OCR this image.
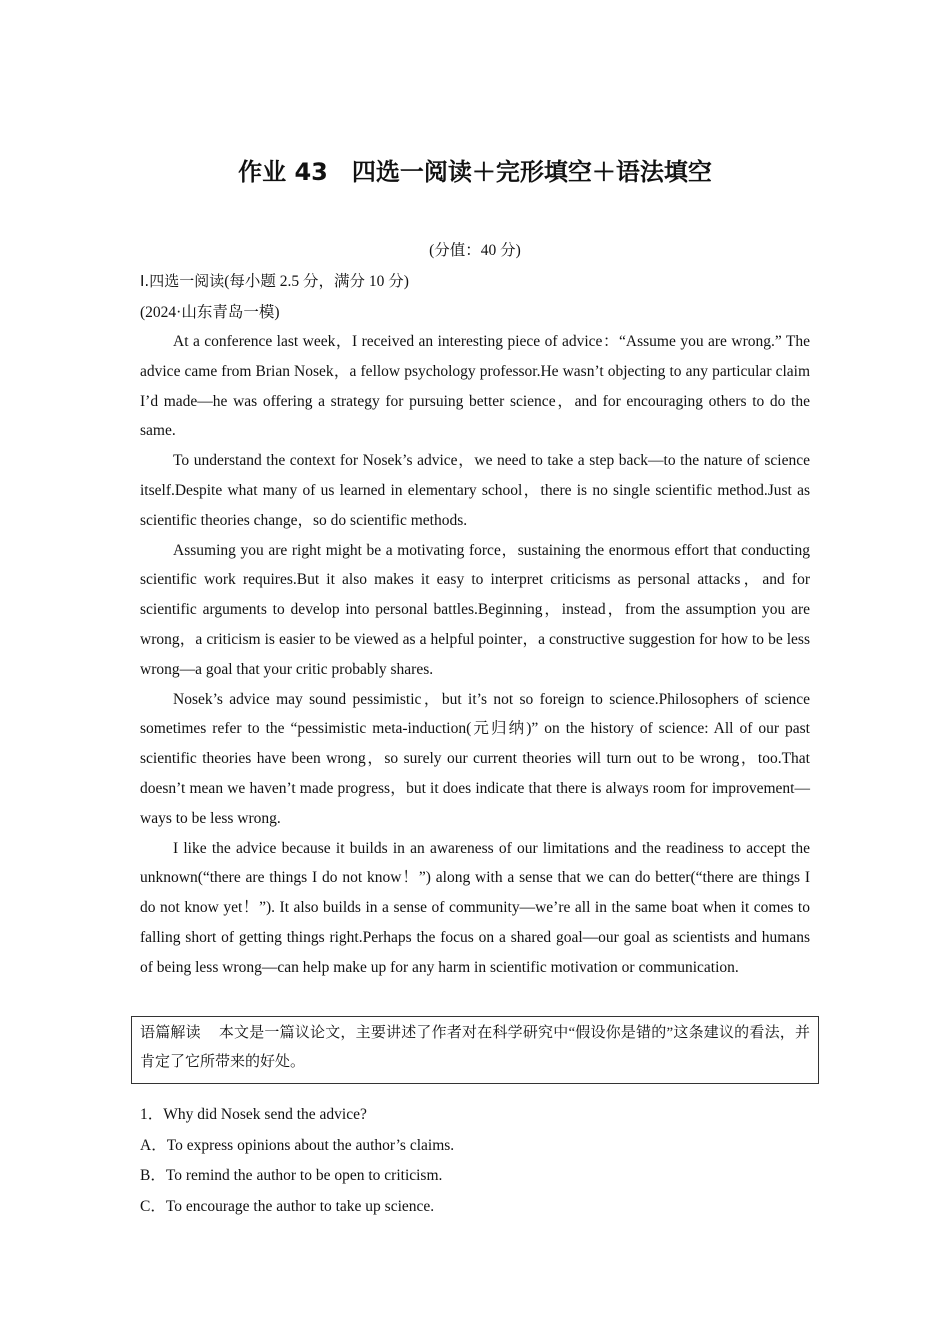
作业 43　四选一阅读＋完形填空＋语法填空
(分值：40 分)
Ⅰ.四选一阅读(每小题 2.5 分，满分 10 分)
(2024·山东青岛一模)

At a conference last week，I received an interesting piece of advice：“Assume you are wrong.” The advice came from Brian Nosek，a fellow psychology professor.He wasn’t objecting to any particular claim I’d made—he was offering a strategy for pursuing better science，and for encouraging others to do the same.

To understand the context for Nosek’s advice，we need to take a step back—to the nature of science itself.Despite what many of us learned in elementary school，there is no single scientific method.Just as scientific theories change，so do scientific methods.

Assuming you are right might be a motivating force，sustaining the enormous effort that conducting scientific work requires.But it also makes it easy to interpret criticisms as personal attacks，and for scientific arguments to develop into personal battles.Beginning，instead，from the assumption you are wrong，a criticism is easier to be viewed as a helpful pointer，a constructive suggestion for how to be less wrong—a goal that your critic probably shares.

Nosek’s advice may sound pessimistic，but it’s not so foreign to science.Philosophers of science sometimes refer to the “pessimistic meta-induction(元归纳)” on the history of science: All of our past scientific theories have been wrong，so surely our current theories will turn out to be wrong，too.That doesn’t mean we haven’t made progress，but it does indicate that there is always room for improvement—ways to be less wrong.

I like the advice because it builds in an awareness of our limitations and the readiness to accept the unknown(“there are things I do not know！”) along with a sense that we can do better(“there are things I do not know yet！”). It also builds in a sense of community—we’re all in the same boat when it comes to falling short of getting things right.Perhaps the focus on a shared goal—our goal as scientists and humans of being less wrong—can help make up for any harm in scientific motivation or communication.

语篇解读 本文是一篇议论文，主要讲述了作者对在科学研究中“假设你是错的”这条建议的看法，并肯定了它所带来的好处。
1．Why did Nosek send the advice?
A．To express opinions about the author’s claims.
B．To remind the author to be open to criticism.
C．To encourage the author to take up science.
